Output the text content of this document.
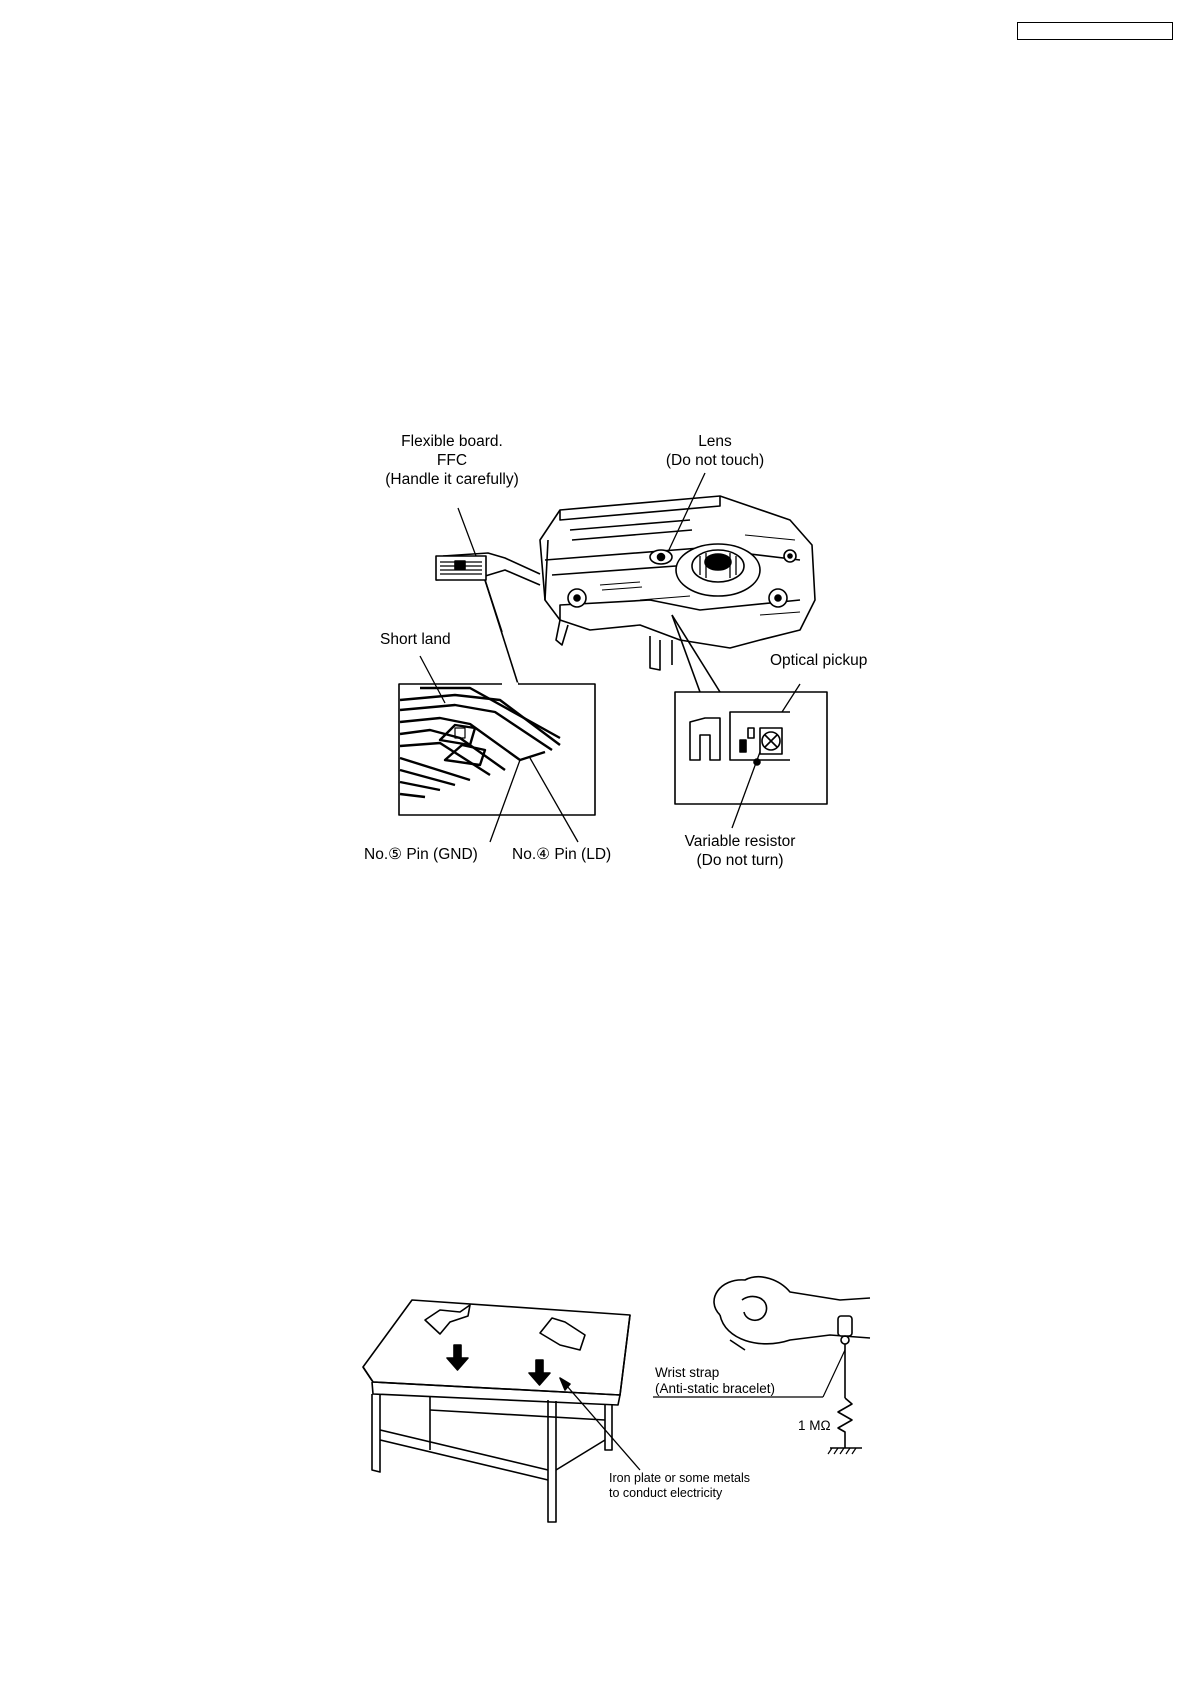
Flexible board.
FFC
(Handle it carefully)
Lens
(Do not touch)
Short land
Optical pickup
No.⑤ Pin (GND) No.④ Pin (LD)
Variable resistor
(Do not turn)
Wrist strap
(Anti-static bracelet)
1 MΩ
Iron plate or some metals
to conduct electricity
